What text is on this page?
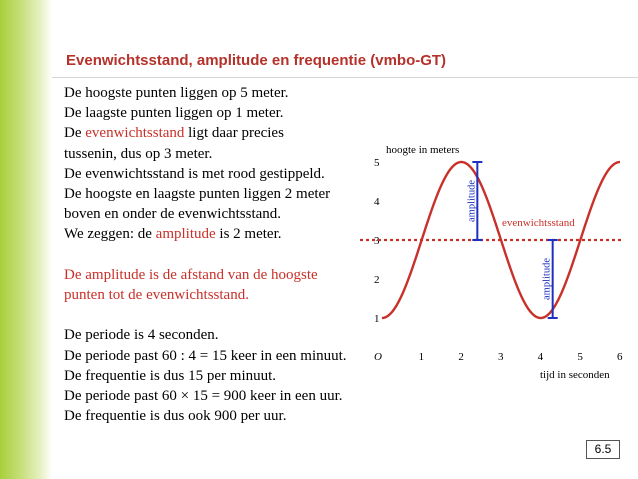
Evenwichtsstand, amplitude en frequentie (vmbo-GT)

De hoogste punten liggen op 5 meter.

De laagste punten liggen op 1 meter.

De evenwichtsstand ligt daar precies

tussenin, dus op 3 meter.

De evenwichtsstand is met rood gestippeld.

De hoogste en laagste punten liggen 2 meter

boven en onder de evenwichtsstand.

We zeggen: de amplitude is 2 meter.

De amplitude is de afstand van de hoogste

punten tot de evenwichtsstand.

De periode is 4 seconden.

De periode past 60 : 4 = 15 keer in een minuut.

De frequentie is dus 15 per minuut.

De periode past 60 × 15 = 900 keer in een uur.

De frequentie is dus ook 900 per uur.

hoogte in meters
1
2
3
4
5
O	1	2	3	4	5	6
tijd in seconden
evenwichtsstand
amplitude
amplitude
6.5
